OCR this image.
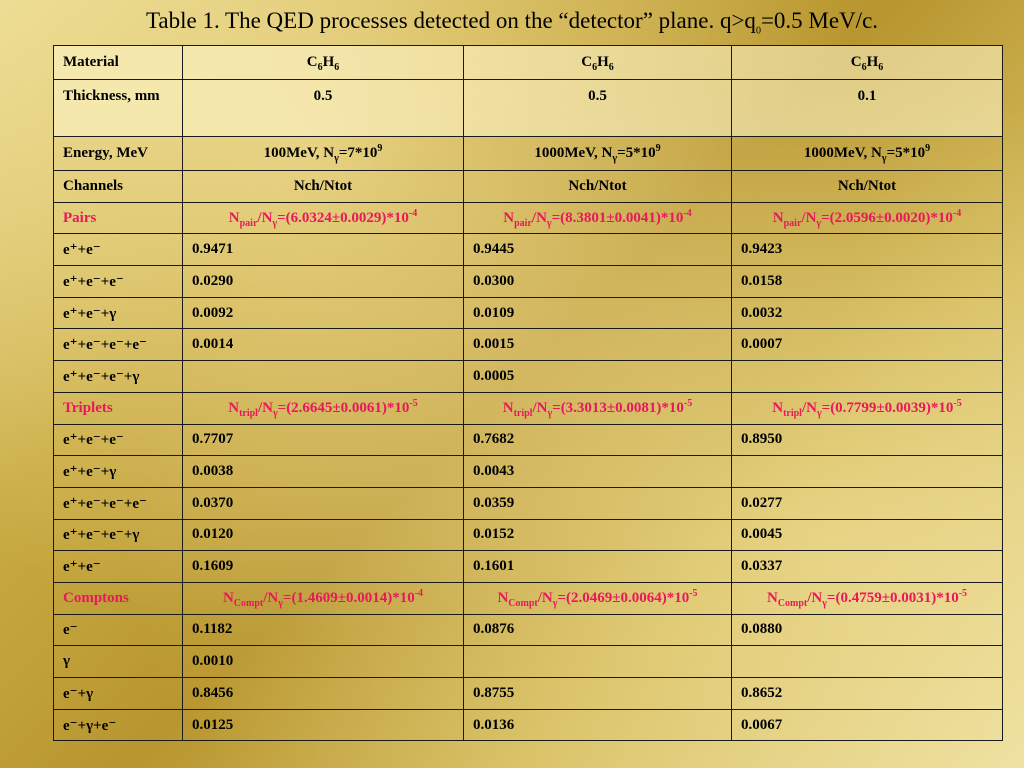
Table 1. The QED processes detected on the “detector” plane. $q>q_0=0.5$ MeV/c.
Material	$C_6H_6$	$C_6H_6$	$C_6H_6$
Thickness, mm	0.5	0.5	0.1
Energy, MeV	100MeV, $N_\gamma=7*10^9$	1000MeV, $N_\gamma=5*10^9$	1000MeV, $N_\gamma=5*10^9$
Channels	Nch/Ntot	Nch/Ntot	Nch/Ntot
Pairs	$N_{pair}/N_\gamma=(6.0324\pm 0.0029)*10^{-4}$	$N_{pair}/N_\gamma=(8.3801\pm 0.0041)*10^{-4}$	$N_{pair}/N_\gamma=(2.0596\pm 0.0020)*10^{-4}$
e⁺+e⁻	0.9471	0.9445	0.9423
e⁺+e⁻+e⁻	0.0290	0.0300	0.0158
e⁺+e⁻+γ	0.0092	0.0109	0.0032
e⁺+e⁻+e⁻+e⁻	0.0014	0.0015	0.0007
e⁺+e⁻+e⁻+γ		0.0005	
Triplets	$N_{tripl}/N_\gamma=(2.6645\pm 0.0061)*10^{-5}$	$N_{tripl}/N_\gamma=(3.3013\pm 0.0081)*10^{-5}$	$N_{tripl}/N_\gamma=(0.7799\pm 0.0039)*10^{-5}$
e⁺+e⁻+e⁻	0.7707	0.7682	0.8950
e⁺+e⁻+γ	0.0038	0.0043	
e⁺+e⁻+e⁻+e⁻	0.0370	0.0359	0.0277
e⁺+e⁻+e⁻+γ	0.0120	0.0152	0.0045
e⁺+e⁻	0.1609	0.1601	0.0337
Comptons	$N_{Compt}/N_\gamma=(1.4609\pm 0.0014)*10^{-4}$	$N_{Compt}/N_\gamma=(2.0469\pm 0.0064)*10^{-5}$	$N_{Compt}/N_\gamma=(0.4759\pm 0.0031)*10^{-5}$
e⁻	0.1182	0.0876	0.0880
γ	0.0010		
e⁻+γ	0.8456	0.8755	0.8652
e⁻+γ+e⁻	0.0125	0.0136	0.0067
